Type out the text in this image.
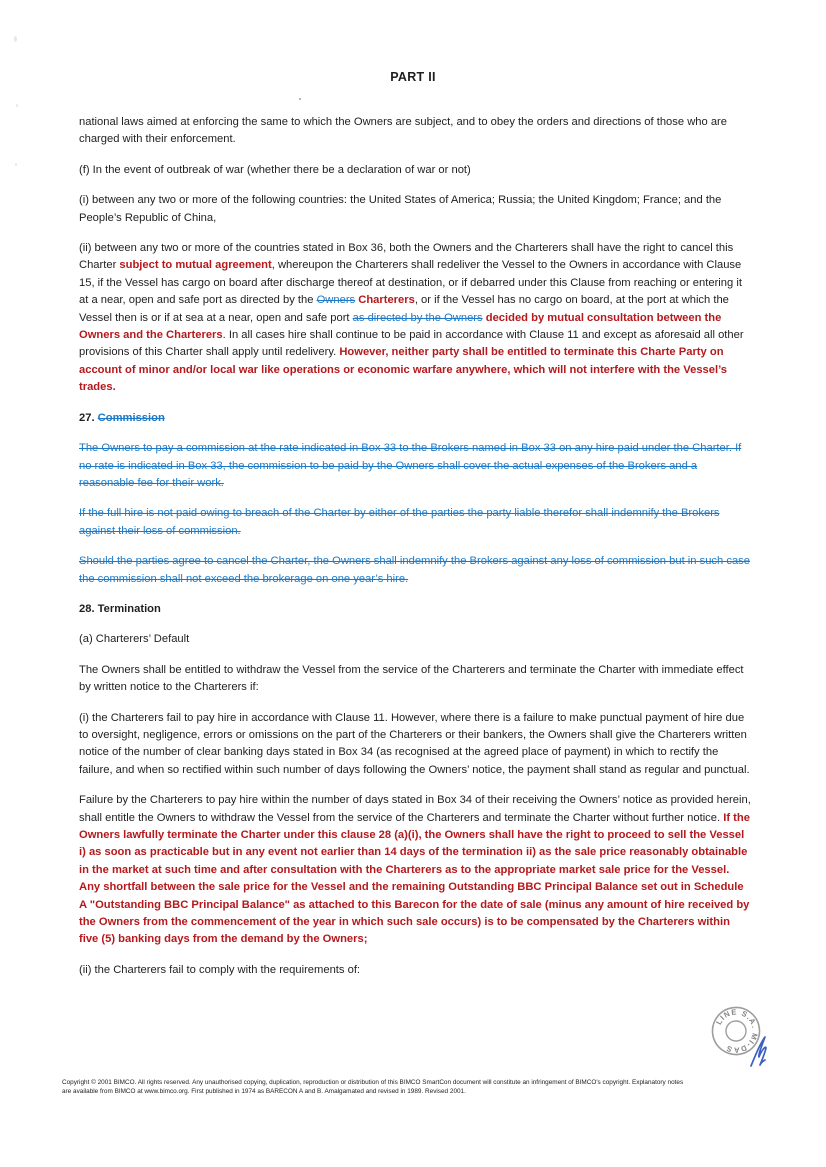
PART II

national laws aimed at enforcing the same to which the Owners are subject, and to obey the orders and directions of those who are charged with their enforcement.

(f) In the event of outbreak of war (whether there be a declaration of war or not)

(i) between any two or more of the following countries: the United States of America; Russia; the United Kingdom; France; and the People’s Republic of China,

(ii) between any two or more of the countries stated in Box 36, both the Owners and the Charterers shall have the right to cancel this Charter subject to mutual agreement, whereupon the Charterers shall redeliver the Vessel to the Owners in accordance with Clause 15, if the Vessel has cargo on board after discharge thereof at destination, or if debarred under this Clause from reaching or entering it at a near, open and safe port as directed by the Owners Charterers, or if the Vessel has no cargo on board, at the port at which the Vessel then is or if at sea at a near, open and safe port as directed by the Owners decided by mutual consultation between the Owners and the Charterers. In all cases hire shall continue to be paid in accordance with Clause 11 and except as aforesaid all other provisions of this Charter shall apply until redelivery. However, neither party shall be entitled to terminate this Charte Party on account of minor and/or local war like operations or economic warfare anywhere, which will not interfere with the Vessel’s trades.

27. Commission

The Owners to pay a commission at the rate indicated in Box 33 to the Brokers named in Box 33 on any hire paid under the Charter. If no rate is indicated in Box 33, the commission to be paid by the Owners shall cover the actual expenses of the Brokers and a reasonable fee for their work.

If the full hire is not paid owing to breach of the Charter by either of the parties the party liable therefor shall indemnify the Brokers against their loss of commission.

Should the parties agree to cancel the Charter, the Owners shall indemnify the Brokers against any loss of commission but in such case the commission shall not exceed the brokerage on one year’s hire.

28. Termination

(a) Charterers’ Default

The Owners shall be entitled to withdraw the Vessel from the service of the Charterers and terminate the Charter with immediate effect by written notice to the Charterers if:

(i) the Charterers fail to pay hire in accordance with Clause 11. However, where there is a failure to make punctual payment of hire due to oversight, negligence, errors or omissions on the part of the Charterers or their bankers, the Owners shall give the Charterers written notice of the number of clear banking days stated in Box 34 (as recognised at the agreed place of payment) in which to rectify the failure, and when so rectified within such number of days following the Owners’ notice, the payment shall stand as regular and punctual.

Failure by the Charterers to pay hire within the number of days stated in Box 34 of their receiving the Owners’ notice as provided herein, shall entitle the Owners to withdraw the Vessel from the service of the Charterers and terminate the Charter without further notice. If the Owners lawfully terminate the Charter under this clause 28 (a)(i), the Owners shall have the right to proceed to sell the Vessel i) as soon as practicable but in any event not earlier than 14 days of the termination ii) as the sale price reasonably obtainable in the market at such time and after consultation with the Charterers as to the appropriate market sale price for the Vessel. Any shortfall between the sale price for the Vessel and the remaining Outstanding BBC Principal Balance set out in Schedule A "Outstanding BBC Principal Balance" as attached to this Barecon for the date of sale (minus any amount of hire received by the Owners from the commencement of the year in which such sale occurs) is to be compensated by the Charterers within five (5) banking days from the demand by the Owners;

(ii) the Charterers fail to comply with the requirements of:

LINE S.A. MI-DAS
Copyright © 2001 BIMCO. All rights reserved. Any unauthorised copying, duplication, reproduction or distribution of this BIMCO SmartCon document will constitute an infringement of BIMCO's copyright. Explanatory notes
are available from BIMCO at www.bimco.org. First published in 1974 as BARECON A and B. Amalgamated and revised in 1989. Revised 2001.
